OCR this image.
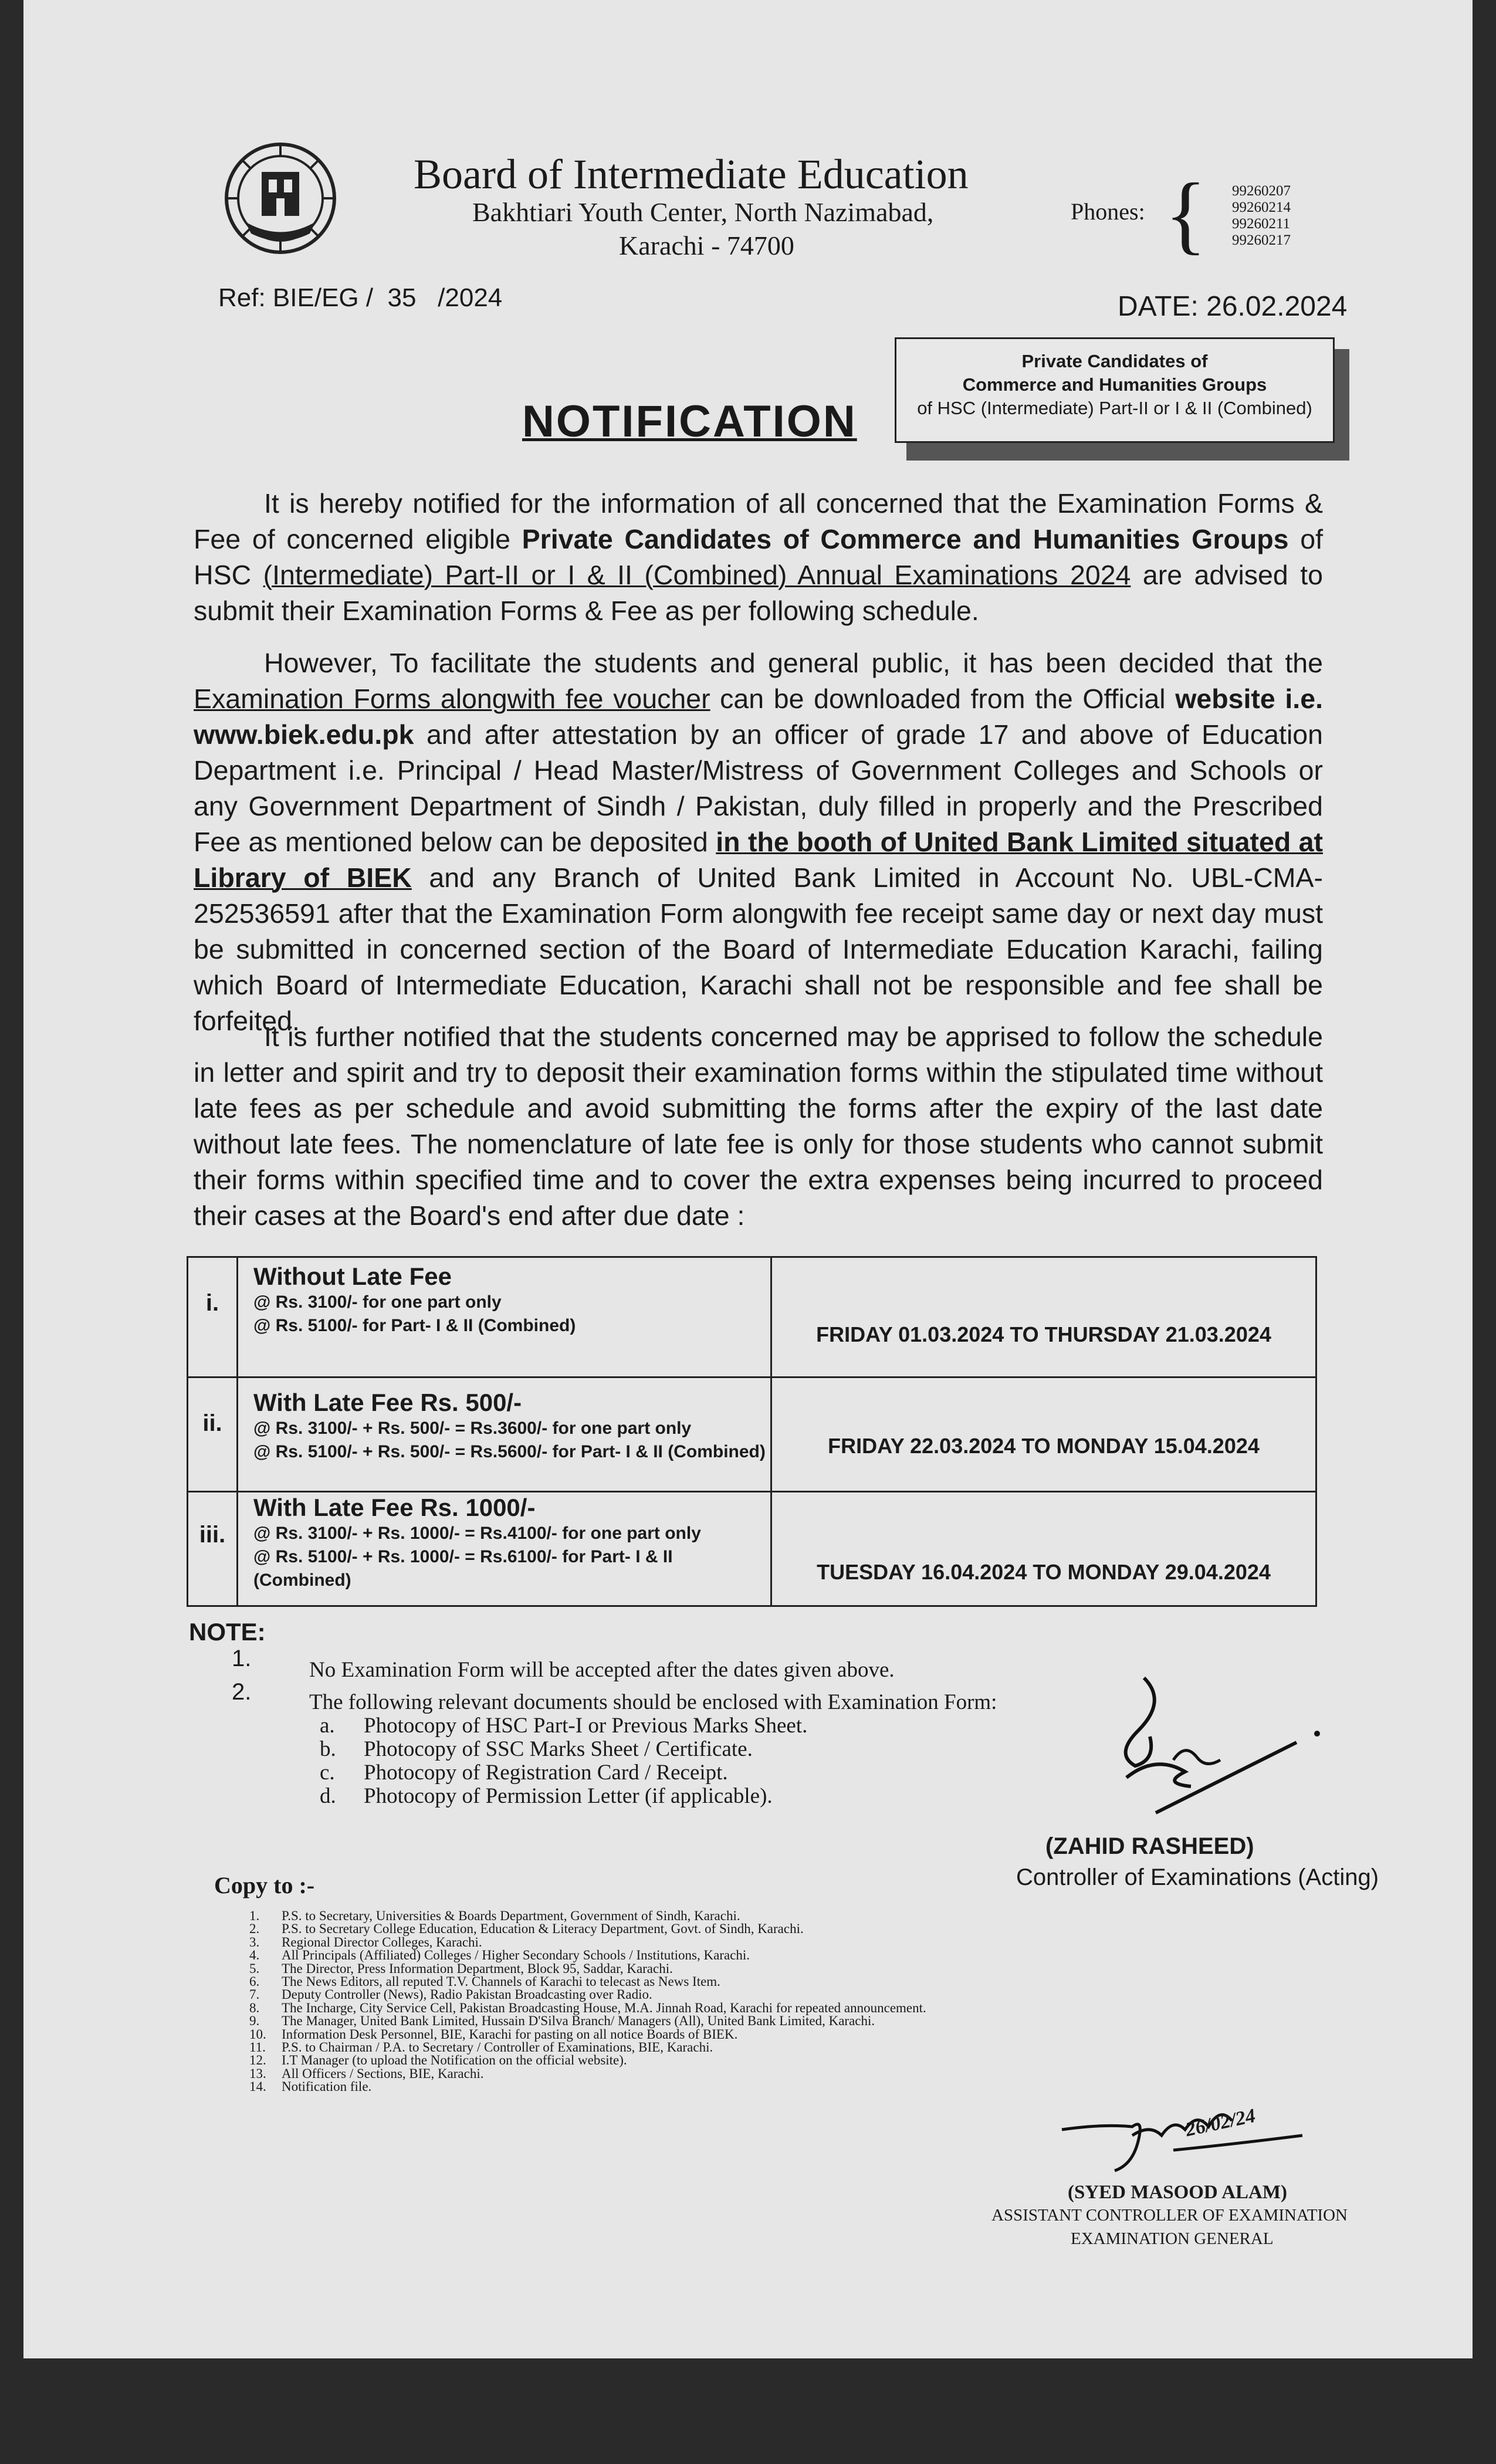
Board of Intermediate Education
Bakhtiari Youth Center, North Nazimabad,
Karachi - 74700
Phones: { 99260207
99260214
99260211
99260217
Ref: BIE/EG /  35   /2024	DATE: 26.02.2024
Private Candidates of
Commerce and Humanities Groups
of HSC (Intermediate) Part-II or I & II (Combined)
NOTIFICATION

It is hereby notified for the information of all concerned that the Examination Forms & Fee of concerned eligible Private Candidates of Commerce and Humanities Groups of HSC (Intermediate) Part-II or I & II (Combined) Annual Examinations 2024 are advised to submit their Examination Forms & Fee as per following schedule.

However, To facilitate the students and general public, it has been decided that the Examination Forms alongwith fee voucher can be downloaded from the Official website i.e. www.biek.edu.pk and after attestation by an officer of grade 17 and above of Education Department i.e. Principal / Head Master/Mistress of Government Colleges and Schools or any Government Department of Sindh / Pakistan, duly filled in properly and the Prescribed Fee as mentioned below can be deposited in the booth of United Bank Limited situated at Library of BIEK and any Branch of United Bank Limited in Account No. UBL-CMA-252536591 after that the Examination Form alongwith fee receipt same day or next day must be submitted in concerned section of the Board of Intermediate Education Karachi, failing which Board of Intermediate Education, Karachi shall not be responsible and fee shall be forfeited.

It is further notified that the students concerned may be apprised to follow the schedule in letter and spirit and try to deposit their examination forms within the stipulated time without late fees as per schedule and avoid submitting the forms after the expiry of the last date without late fees. The nomenclature of late fee is only for those students who cannot submit their forms within specified time and to cover the extra expenses being incurred to proceed their cases at the Board's end after due date :

i.	Without Late Fee
@ Rs. 3100/- for one part only
@ Rs. 5100/- for Part- I & II (Combined)	FRIDAY 01.03.2024 TO THURSDAY 21.03.2024
ii.	With Late Fee Rs. 500/-
@ Rs. 3100/- + Rs. 500/- = Rs.3600/- for one part only
@ Rs. 5100/- + Rs. 500/- = Rs.5600/- for Part- I & II (Combined)	FRIDAY 22.03.2024 TO MONDAY 15.04.2024
iii.	With Late Fee Rs. 1000/-
@ Rs. 3100/- + Rs. 1000/- = Rs.4100/- for one part only
@ Rs. 5100/- + Rs. 1000/- = Rs.6100/- for Part- I & II (Combined)	TUESDAY 16.04.2024 TO MONDAY 29.04.2024
NOTE:
1.	No Examination Form will be accepted after the dates given above.
2.	The following relevant documents should be enclosed with Examination Form:
a. Photocopy of HSC Part-I or Previous Marks Sheet.
b. Photocopy of SSC Marks Sheet / Certificate.
c. Photocopy of Registration Card / Receipt.
d. Photocopy of Permission Letter (if applicable).
(ZAHID RASHEED)
Controller of Examinations (Acting)
Copy to :-
1. P.S. to Secretary, Universities & Boards Department, Government of Sindh, Karachi.
2. P.S. to Secretary College Education, Education & Literacy Department, Govt. of Sindh, Karachi.
3. Regional Director Colleges, Karachi.
4. All Principals (Affiliated) Colleges / Higher Secondary Schools / Institutions, Karachi.
5. The Director, Press Information Department, Block 95, Saddar, Karachi.
6. The News Editors, all reputed T.V. Channels of Karachi to telecast as News Item.
7. Deputy Controller (News), Radio Pakistan Broadcasting over Radio.
8. The Incharge, City Service Cell, Pakistan Broadcasting House, M.A. Jinnah Road, Karachi for repeated announcement.
9. The Manager, United Bank Limited, Hussain D'Silva Branch/ Managers (All), United Bank Limited, Karachi.
10. Information Desk Personnel, BIE, Karachi for pasting on all notice Boards of BIEK.
11. P.S. to Chairman / P.A. to Secretary / Controller of Examinations, BIE, Karachi.
12. I.T Manager (to upload the Notification on the official website).
13. All Officers / Sections, BIE, Karachi.
14. Notification file.
26/02/24
(SYED MASOOD ALAM)
ASSISTANT CONTROLLER OF EXAMINATION
EXAMINATION GENERAL
